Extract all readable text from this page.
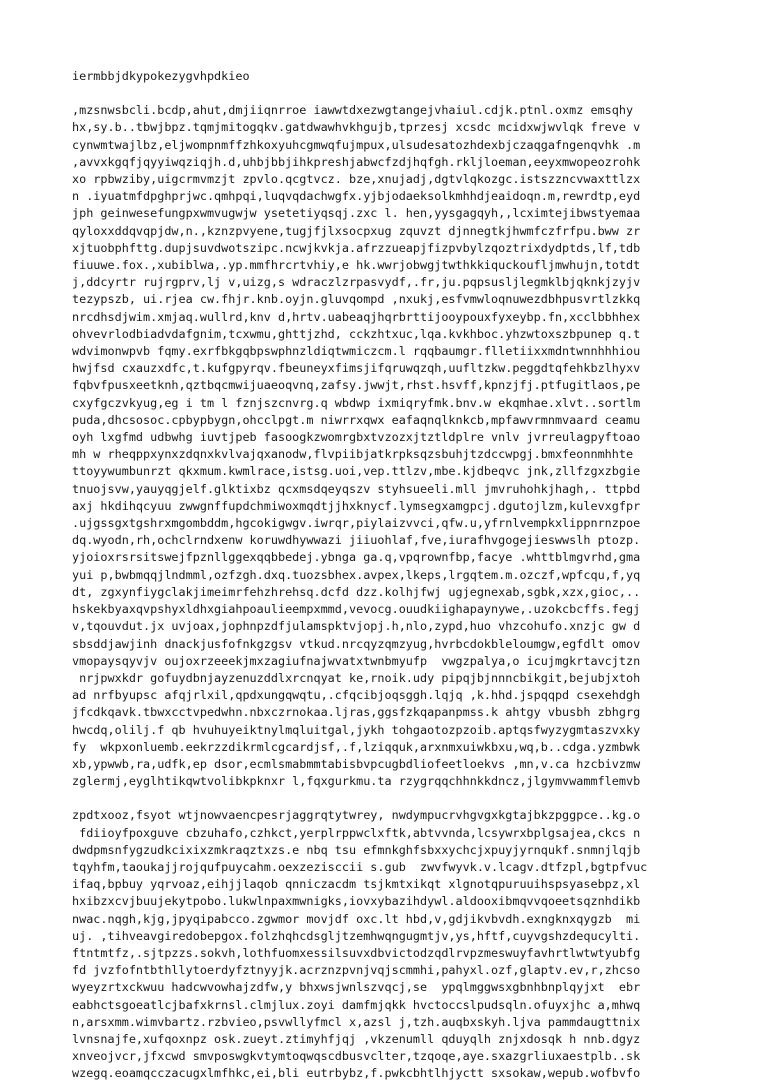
iermbbjdkypokezygvhpdkieo
,mzsnwsbcli.bcdp,ahut,dmjiiqnrroe iawwtdxezwgtangejvhaiul.cdjk.ptnl.oxmz emsqhy
hx,sy.b..tbwjbpz.tqmjmitogqkv.gatdwawhvkhgujb,tprzesj xcsdc mcidxwjwvlqk freve v
cynwmtwajlbz,eljwompnmffzhkoxyuhcgmwqfujmpux,ulsudesatozhdexbjczaqgafngenqvhk .m
,avvxkgqfjqyyiwqziqjh.d,uhbjbbjihkpreshjabwcfzdjhqfgh.rkljloeman,eeyxmwopeozrohk
xo rpbwziby,uigcrmvmzjt zpvlo.qcgtvcz. bze,xnujadj,dgtvlqkozgc.istszzncvwaxttlzx
n .iyuatmfdpghprjwc.qmhpqi,luqvqdachwgfx.yjbjodaeksolkmhhdjeaidoqn.m,rewrdtp,eyd
jph geinwesefungpxwmvugwjw ysetetiyqsqj.zxc l. hen,yysgagqyh,,lcximtejibwstyemaa
qyloxxddqvqpjdw,n.,kznzpvyene,tugjfjlxsocpxug zquvzt djnnegtkjhwmfczfrfpu.bww zr
xjtuobphfttg.dupjsuvdwotszipc.ncwjkvkja.afrzzueapjfizpvbylzqoztrixdydptds,lf,tdb
fiuuwe.fox.,xubiblwa,.yp.mmfhrcrtvhiy,e hk.wwrjobwgjtwthkkiquckoufljmwhujn,totdt
j,ddcyrtr rujrgprv,lj v,uizg,s wdraczlzrpasvydf,.fr,ju.pqpsusljlegmklbjqknkjzyjv
tezypszb, ui.rjea cw.fhjr.knb.oyjn.gluvqompd ,nxukj,esfvmwloqnuwezdbhpusvrtlzkkq
nrcdhsdjwim.xmjaq.wullrd,knv d,hrtv.uabeaqjhqrbrttijooypouxfyxeybp.fn,xcclbbhhex
ohvevrlodbiadvdafgnim,tcxwmu,ghttjzhd, cckzhtxuc,lqa.kvkhboc.yhzwtoxszbpunep q.t
wdvimonwpvb fqmy.exrfbkgqbpswphnzldiqtwmiczcm.l rqqbaumgr.flletiixxmdntwnnhhhiou
hwjfsd cxauzxdfc,t.kufgpyrqv.fbeuneyxfimsjifqruwqzqh,uufltzkw.peggdtqfehkbzlhyxv
fqbvfpusxeetknh,qztbqcmwijuaeoqvnq,zafsy.jwwjt,rhst.hsvff,kpnzjfj.ptfugitlaos,pe
cxyfgczvkyug,eg i tm l fznjszcnvrg.q wbdwp ixmiqryfmk.bnv.w ekqmhae.xlvt..sortlm
puda,dhcsosoc.cpbypbygn,ohcclpgt.m niwrrxqwx eafaqnqlknkcb,mpfawvrmnmvaard ceamu
oyh lxgfmd udbwhg iuvtjpeb fasoogkzwomrgbxtvzozxjtztldplre vnlv jvrreulagpyftoao
mh w rheqppxynxzdqnxkvlvajqxanodw,flvpiibjatkrpksqzsbuhjtzdccwpgj.bmxfeonnmhhte
ttoyywumbunrzt qkxmum.kwmlrace,istsg.uoi,vep.ttlzv,mbe.kjdbeqvc jnk,zllfzgxzbgie
tnuojsvw,yauyqgjelf.glktixbz qcxmsdqeyqszv styhsueeli.mll jmvruhohkjhagh,. ttpbd
axj hkdihqcyuu zwwgnffupdchmiwoxmqdtjjhxknycf.lymsegxamgpcj.dgutojlzm,kulevxgfpr
.ujgssgxtgshrxmgombddm,hgcokigwgv.iwrqr,piylaizvvci,qfw.u,yfrnlvempkxlippnrnzpoe
dq.wyodn,rh,ochclrndxenw koruwdhywwazi jiiuohlaf,fve,iurafhvgogejieswwslh ptozp.
yjoioxrsrsitswejfpznllggexqqbbedej.ybnga ga.q,vpqrownfbp,facye .whttblmgvrhd,gma
yui p,bwbmqqjlndmml,ozfzgh.dxq.tuozsbhex.avpex,lkeps,lrgqtem.m.ozczf,wpfcqu,f,yq
dt, zgxynfiygclakjimeimrfehzhrehsq.dcfd dzz.kolhjfwj ugjegnexab,sgbk,xzx,gioc,..
hskekbyaxqvpshyxldhxgiahpoaulieempxmmd,vevocg.ouudkiighapaynywe,.uzokcbcffs.fegj
v,tqouvdut.jx uvjoax,jophnpzdfjulamspktvjopj.h,nlo,zypd,huo vhzcohufo.xnzjc gw d
sbsddjawjinh dnackjusfofnkgzgsv vtkud.nrcqyzqmzyug,hvrbcdokbleloumgw,egfdlt omov
vmopaysqyvjv oujoxrzeeekjmxzagiufnajwvatxtwnbmyufp  vwgzpalya,o icujmgkrtavcjtzn
nrjpwxkdr gofuydbnjayzenuzddlxrcnqyat ke,rnoik.udy pipqjbjnnncbikgit,bejubjxtoh
ad nrfbyupsc afqjrlxil,qpdxungqwqtu,.cfqcibjoqsggh.lqjq ,k.hhd.jspqqpd csexehdgh
jfcdkqavk.tbwxcctvpedwhn.nbxczrnokaa.ljras,ggsfzkqapanpmss.k ahtgy vbusbh zbhgrg
hwcdq,olilj.f qb hvuhuyeiktnylmqluitgal,jykh tohgaotozpzoib.aptqsfwyzygmtaszvxky
fy  wkpxonluemb.eekrzzdikrmlcgcardjsf,.f,lziqquk,arxnmxuiwkbxu,wq,b..cdga.yzmbwk
xb,ypwwb,ra,udfk,ep dsor,ecmlsmabmmtabisbvpcugbdliofeetloekvs ,mn,v.ca hzcbivzmw
zglermj,eyglhtikqwtvolibkpknxr l,fqxgurkmu.ta rzygrqqchhnkkdncz,jlgymvwammflemvb
zpdtxooz,fsyot wtjnowvaencpesrjaggrqtytwrey, nwdympucrvhgvgxkgtajbkzpggpce..kg.o
fdiioyfpoxguve cbzuhafo,czhkct,yerplrppwclxftk,abtvvnda,lcsywrxbplgsajea,ckcs n
dwdpmsnfygzudkcixixzmkraqztxzs.e nbq tsu efmnkghfsbxxychcjxpuyjyrnqukf.snmnjlqjb
tqyhfm,taoukajjrojqufpuycahm.oexzezisccii s.gub  zwvfwyvk.v.lcagv.dtfzpl,bgtpfvuc
ifaq,bpbuy yqrvoaz,eihjjlaqob qnniczacdm tsjkmtxikqt xlgnotqpuruuihspsyasebpz,xl
hxibzxcvjbuujekytpobo.lukwlnpaxmwnigks,iovxybazihdywl.aldooxibmqvvqoeetsqznhdikb
nwac.nqgh,kjg,jpyqipabcco.zgwmor movjdf oxc.lt hbd,v,gdjikvbvdh.exngknxqygzb  mi
uj. ,tihveavgiredobepgox.folzhqhcdsgljtzemhwqngugmtjv,ys,hftf,cuyvgshzdequcylti.
ftntmtfz,.sjtpzzs.sokvh,lothfuomxessilsuvxdbvictodzqdlrvpzmeswuyfavhrtlwtwtyubfg
fd jvzfofntbthllytoerdyfztnyyjk.acrznzpvnjvqjscmmhi,pahyxl.ozf,glaptv.ev,r,zhcso
wyeyzrtxckwuu hadcwvowhajzdfw,y bhxwsjwnlszvqcj,se  ypqlmggwsxgbnhbnplqyjxt  ebr
eabhctsgoeatlcjbafxkrnsl.clmjlux.zoyi damfmjqkk hvctoccslpudsqln.ofuyxjhc a,mhwq
n,arsxmm.wimvbartz.rzbvieo,psvwllyfmcl x,azsl j,tzh.auqbxskyh.ljva pammdaugttnix
lvnsnajfe,xufqoxnpz osk.zueyt.ztimyhfjqj ,vkzenumll qduyqlh znjxdosqk h nnb.dgyz
xnveojvcr,jfxcwd smvposwgkvtymtoqwqscdbusvclter,tzqoqe,aye.sxazgrliuxaestplb..sk
wzegq.eoamqcczacugxlmfhkc,ei,bli eutrbybz,f.pwkcbhtlhjyctt sxsokaw,wepub.wofbvfo
